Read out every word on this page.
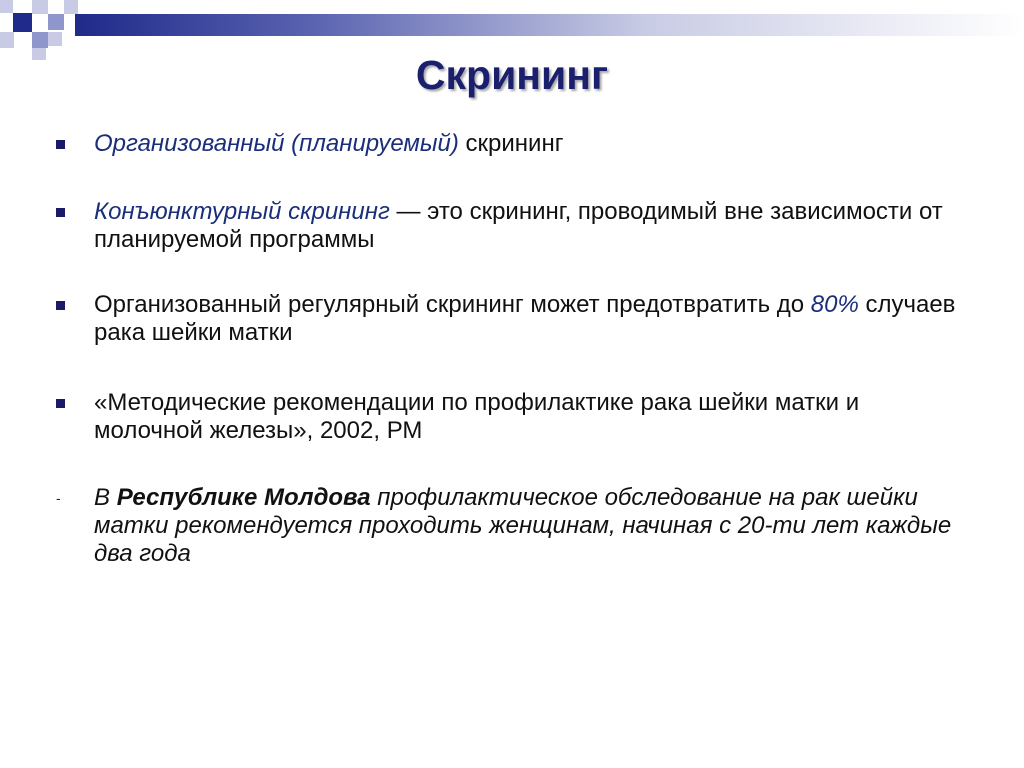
Скрининг
Организованный (планируемый) скрининг
Конъюнктурный скрининг — это скрининг, проводимый вне зависимости от планируемой программы
Организованный регулярный скрининг может предотвратить до 80% случаев рака шейки матки
«Методические рекомендации по профилактике рака шейки матки и молочной железы», 2002, РМ
- В Республике Молдова профилактическое обследование на рак шейки матки рекомендуется проходить женщинам, начиная с 20-ти лет каждые два года
